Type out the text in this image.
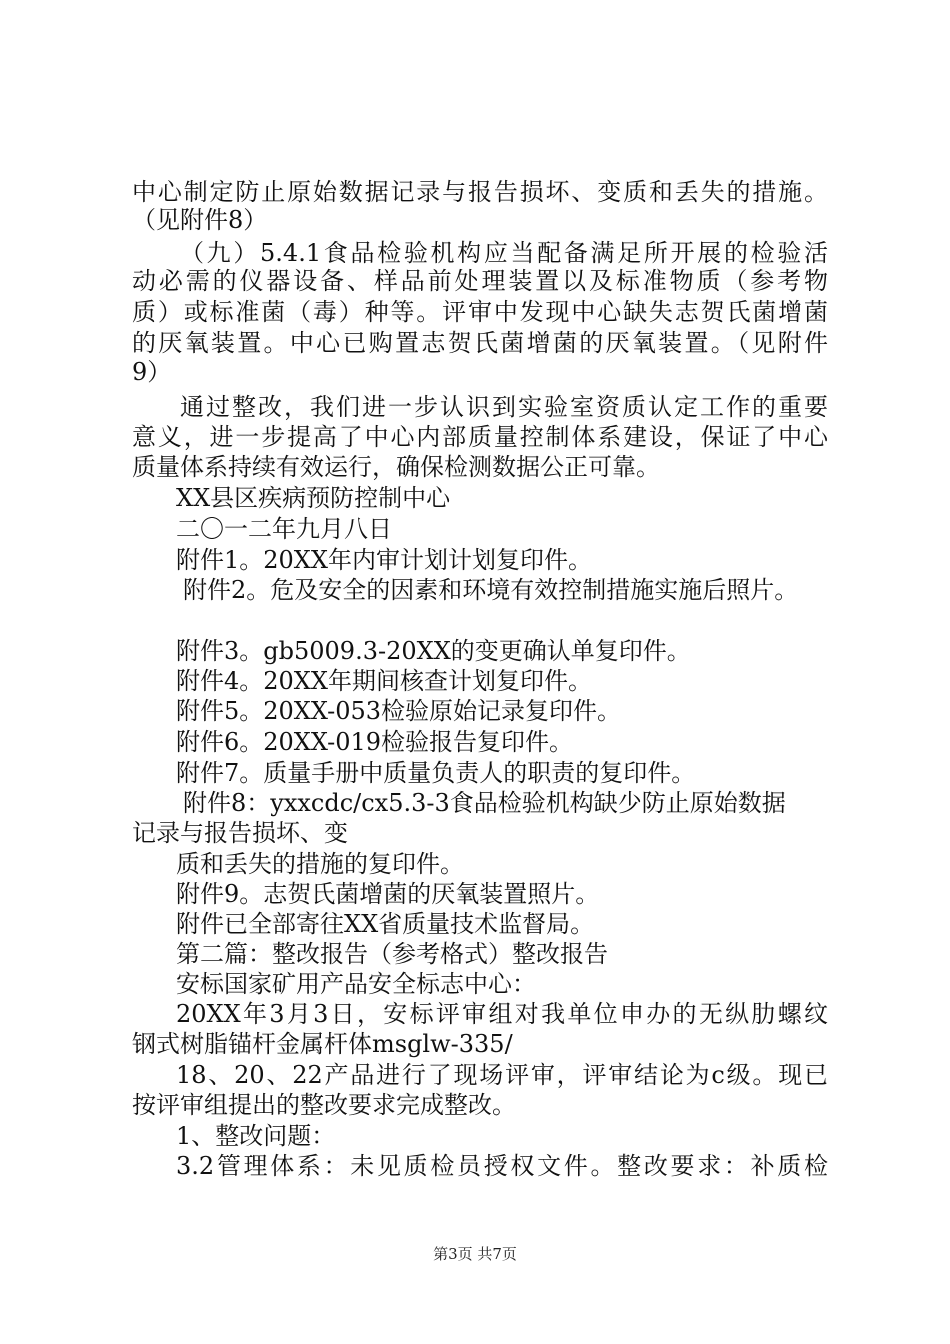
中心制定防止原始数据记录与报告损坏、变质和丢失的措施。
（见附件8）
（九）5.4.1食品检验机构应当配备满足所开展的检验活
动必需的仪器设备、样品前处理装置以及标准物质（参考物
质）或标准菌（毒）种等。评审中发现中心缺失志贺氏菌增菌
的厌氧装置。中心已购置志贺氏菌增菌的厌氧装置。（见附件
9）
通过整改，我们进一步认识到实验室资质认定工作的重要
意义，进一步提高了中心内部质量控制体系建设，保证了中心
质量体系持续有效运行，确保检测数据公正可靠。
XX县区疾病预防控制中心
二〇一二年九月八日
附件1。20XX年内审计划计划复印件。
附件2。危及安全的因素和环境有效控制措施实施后照片。
附件3。gb5009.3-20XX的变更确认单复印件。
附件4。20XX年期间核查计划复印件。
附件5。20XX-053检验原始记录复印件。
附件6。20XX-019检验报告复印件。
附件7。质量手册中质量负责人的职责的复印件。
附件8：yxxcdc/cx5.3-3食品检验机构缺少防止原始数据
记录与报告损坏、变
质和丢失的措施的复印件。
附件9。志贺氏菌增菌的厌氧装置照片。
附件已全部寄往XX省质量技术监督局。
第二篇：整改报告（参考格式）整改报告
安标国家矿用产品安全标志中心：
20XX年3月3日，安标评审组对我单位申办的无纵肋螺纹
钢式树脂锚杆金属杆体msglw-335/
18、20、22产品进行了现场评审，评审结论为c级。现已
按评审组提出的整改要求完成整改。
1、整改问题：
3.2管理体系：未见质检员授权文件。整改要求：补质检
第3页 共7页
